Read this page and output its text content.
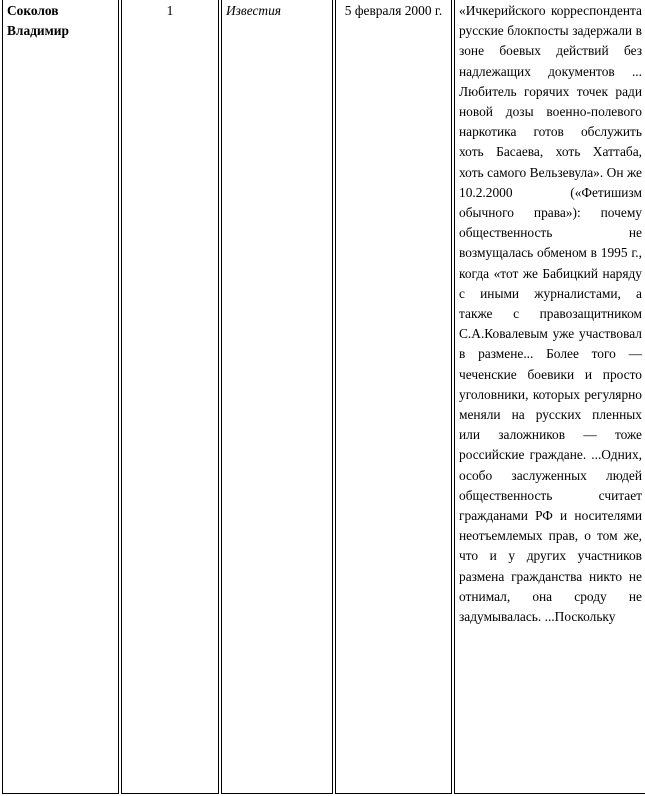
Соколов Владимир	1	Известия	5 февраля 2000 г.	«Ичкерийского корреспондента русские блокпосты задержали в зоне боевых действий без надлежащих документов ... Любитель горячих точек ради новой дозы военно-полевого наркотика готов обслужить хоть Басаева, хоть Хаттаба, хоть самого Вельзевула». Он же 10.2.2000 («Фетишизм обычного права»): почему общественность не возмущалась обменом в 1995 г., когда «тот же Бабицкий наряду с иными журналистами, а также с правозащитником С.А.Ковалевым уже участвовал в размене... Более того — чеченские боевики и просто уголовники, которых регулярно меняли на русских пленных или заложников — тоже российские граждане. ...Одних, особо заслуженных людей общественность считает гражданами РФ и носителями неотъемлемых прав, о том же, что и у других участников размена гражданства никто не отнимал, она сроду не задумывалась. ...Поскольку
